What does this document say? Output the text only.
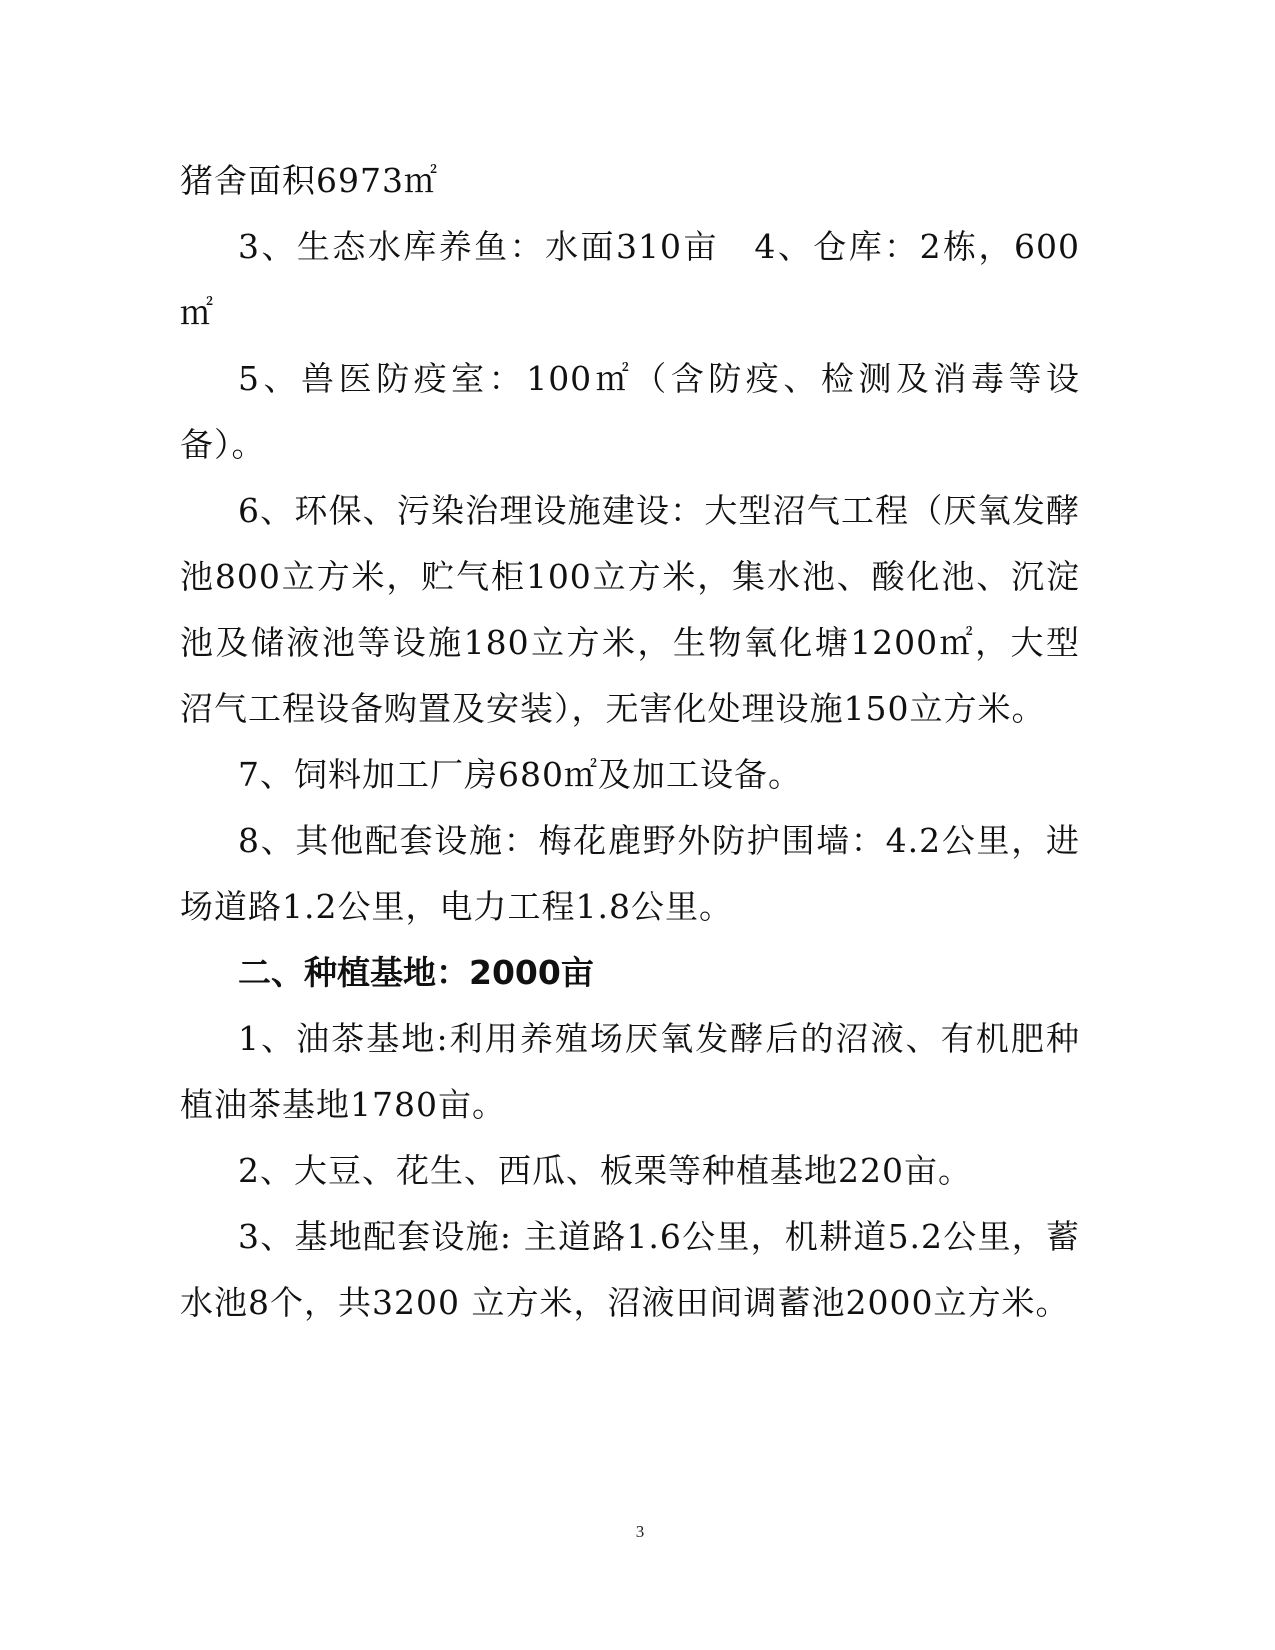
猪舍面积6973㎡

3、生态水库养鱼：水面310亩　4、仓库：2栋，600㎡

5、兽医防疫室：100㎡（含防疫、检测及消毒等设备）。

6、环保、污染治理设施建设：大型沼气工程（厌氧发酵池800立方米，贮气柜100立方米，集水池、酸化池、沉淀池及储液池等设施180立方米，生物氧化塘1200㎡，大型沼气工程设备购置及安装），无害化处理设施150立方米。

7、饲料加工厂房680㎡及加工设备。

8、其他配套设施：梅花鹿野外防护围墙：4.2公里，进场道路1.2公里，电力工程1.8公里。

二、种植基地：2000亩

1、油茶基地:利用养殖场厌氧发酵后的沼液、有机肥种植油茶基地1780亩。

2、大豆、花生、西瓜、板栗等种植基地220亩。

3、基地配套设施: 主道路1.6公里，机耕道5.2公里，蓄水池8个，共3200 立方米，沼液田间调蓄池2000立方米。

3
